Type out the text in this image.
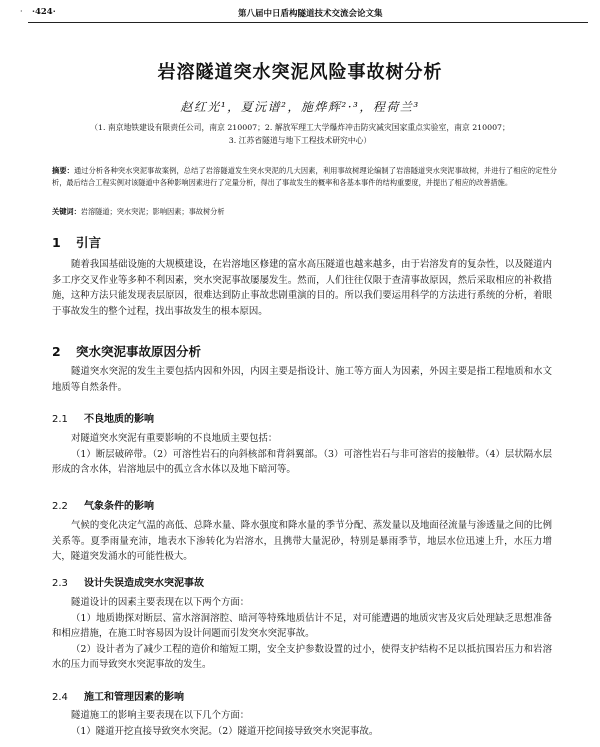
· ·424·	第八届中日盾构隧道技术交流会论文集
岩溶隧道突水突泥风险事故树分析
赵红光¹，夏沅谱²，施烨辉²·³，程荷兰³
（1. 南京地铁建设有限责任公司，南京 210007；2. 解放军理工大学爆炸冲击防灾减灾国家重点实验室，南京 210007；
3. 江苏省隧道与地下工程技术研究中心）
摘要：通过分析各种突水突泥事故案例，总结了岩溶隧道发生突水突泥的几大因素，利用事故树理论编制了岩溶隧道突水突泥事故树，并进行了相应的定性分析，最后结合工程实例对该隧道中各种影响因素进行了定量分析，得出了事故发生的概率和各基本事件的结构重要度，并提出了相应的改善措施。
关键词：岩溶隧道；突水突泥；影响因素；事故树分析
1 引言

随着我国基础设施的大规模建设，在岩溶地区修建的富水高压隧道也越来越多，由于岩溶发育的复杂性，以及隧道内多工序交叉作业等多种不利因素，突水突泥事故屡屡发生。然而，人们往往仅限于查清事故原因，然后采取相应的补救措施，这种方法只能发现表层原因，很难达到防止事故悲剧重演的目的。所以我们要运用科学的方法进行系统的分析，着眼于事故发生的整个过程，找出事故发生的根本原因。

2 突水突泥事故原因分析

隧道突水突泥的发生主要包括内因和外因，内因主要是指设计、施工等方面人为因素，外因主要是指工程地质和水文地质等自然条件。

2.1 不良地质的影响

对隧道突水突泥有重要影响的不良地质主要包括：

（1）断层破碎带。（2）可溶性岩石的向斜核部和背斜翼部。（3）可溶性岩石与非可溶岩的接触带。（4）层状隔水层形成的含水体，岩溶地层中的孤立含水体以及地下暗河等。

2.2 气象条件的影响

气候的变化决定气温的高低、总降水量、降水强度和降水量的季节分配、蒸发量以及地面径流量与渗透量之间的比例关系等。夏季雨量充沛，地表水下渗转化为岩溶水，且携带大量泥砂，特别是暴雨季节，地层水位迅速上升，水压力增大，隧道突发涌水的可能性极大。

2.3 设计失误造成突水突泥事故

隧道设计的因素主要表现在以下两个方面：

（1）地质勘探对断层、富水溶洞溶腔、暗河等特殊地质估计不足，对可能遭遇的地质灾害及灾后处理缺乏思想准备和相应措施，在施工时容易因为设计问题而引发突水突泥事故。

（2）设计者为了减少工程的造价和缩短工期，安全支护参数设置的过小，使得支护结构不足以抵抗围岩压力和岩溶水的压力而导致突水突泥事故的发生。

2.4 施工和管理因素的影响

隧道施工的影响主要表现在以下几个方面：

（1）隧道开挖直接导致突水突泥。（2）隧道开挖间接导致突水突泥事故。
